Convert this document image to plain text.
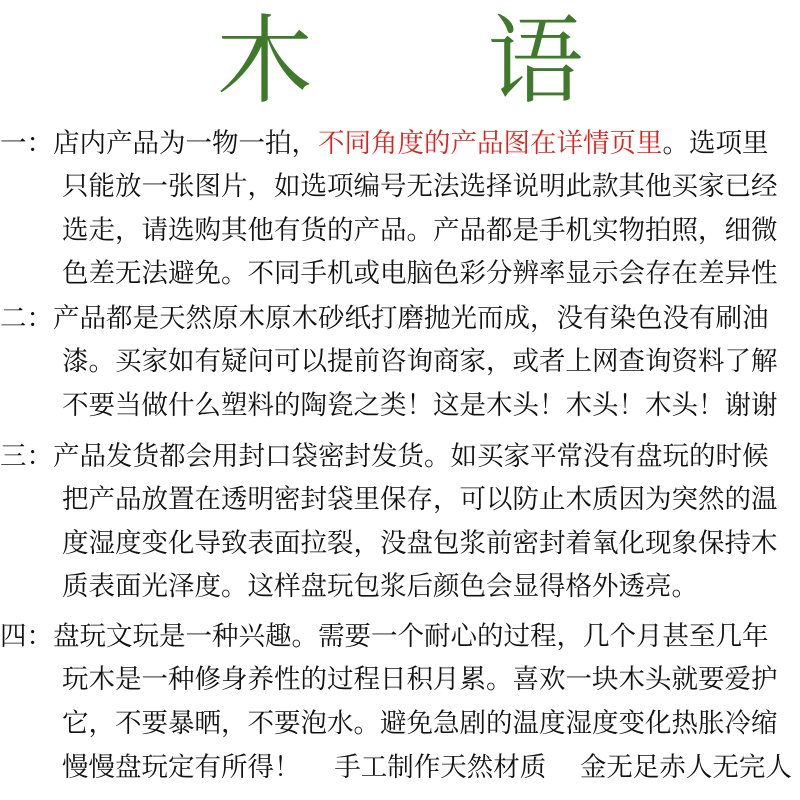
木 语
一：店内产品为一物一拍，不同角度的产品图在详情页里。选项里
只能放一张图片，如选项编号无法选择说明此款其他买家已经
选走，请选购其他有货的产品。产品都是手机实物拍照，细微
色差无法避免。不同手机或电脑色彩分辨率显示会存在差异性
二：产品都是天然原木原木砂纸打磨抛光而成，没有染色没有刷油
漆。买家如有疑问可以提前咨询商家，或者上网查询资料了解
不要当做什么塑料的陶瓷之类！这是木头！木头！木头！谢谢
三：产品发货都会用封口袋密封发货。如买家平常没有盘玩的时候
把产品放置在透明密封袋里保存，可以防止木质因为突然的温
度湿度变化导致表面拉裂，没盘包浆前密封着氧化现象保持木
质表面光泽度。这样盘玩包浆后颜色会显得格外透亮。
四：盘玩文玩是一种兴趣。需要一个耐心的过程，几个月甚至几年
玩木是一种修身养性的过程日积月累。喜欢一块木头就要爱护
它，不要暴晒，不要泡水。避免急剧的温度湿度变化热胀冷缩
慢慢盘玩定有所得！    手工制作天然材质    金无足赤人无完人
